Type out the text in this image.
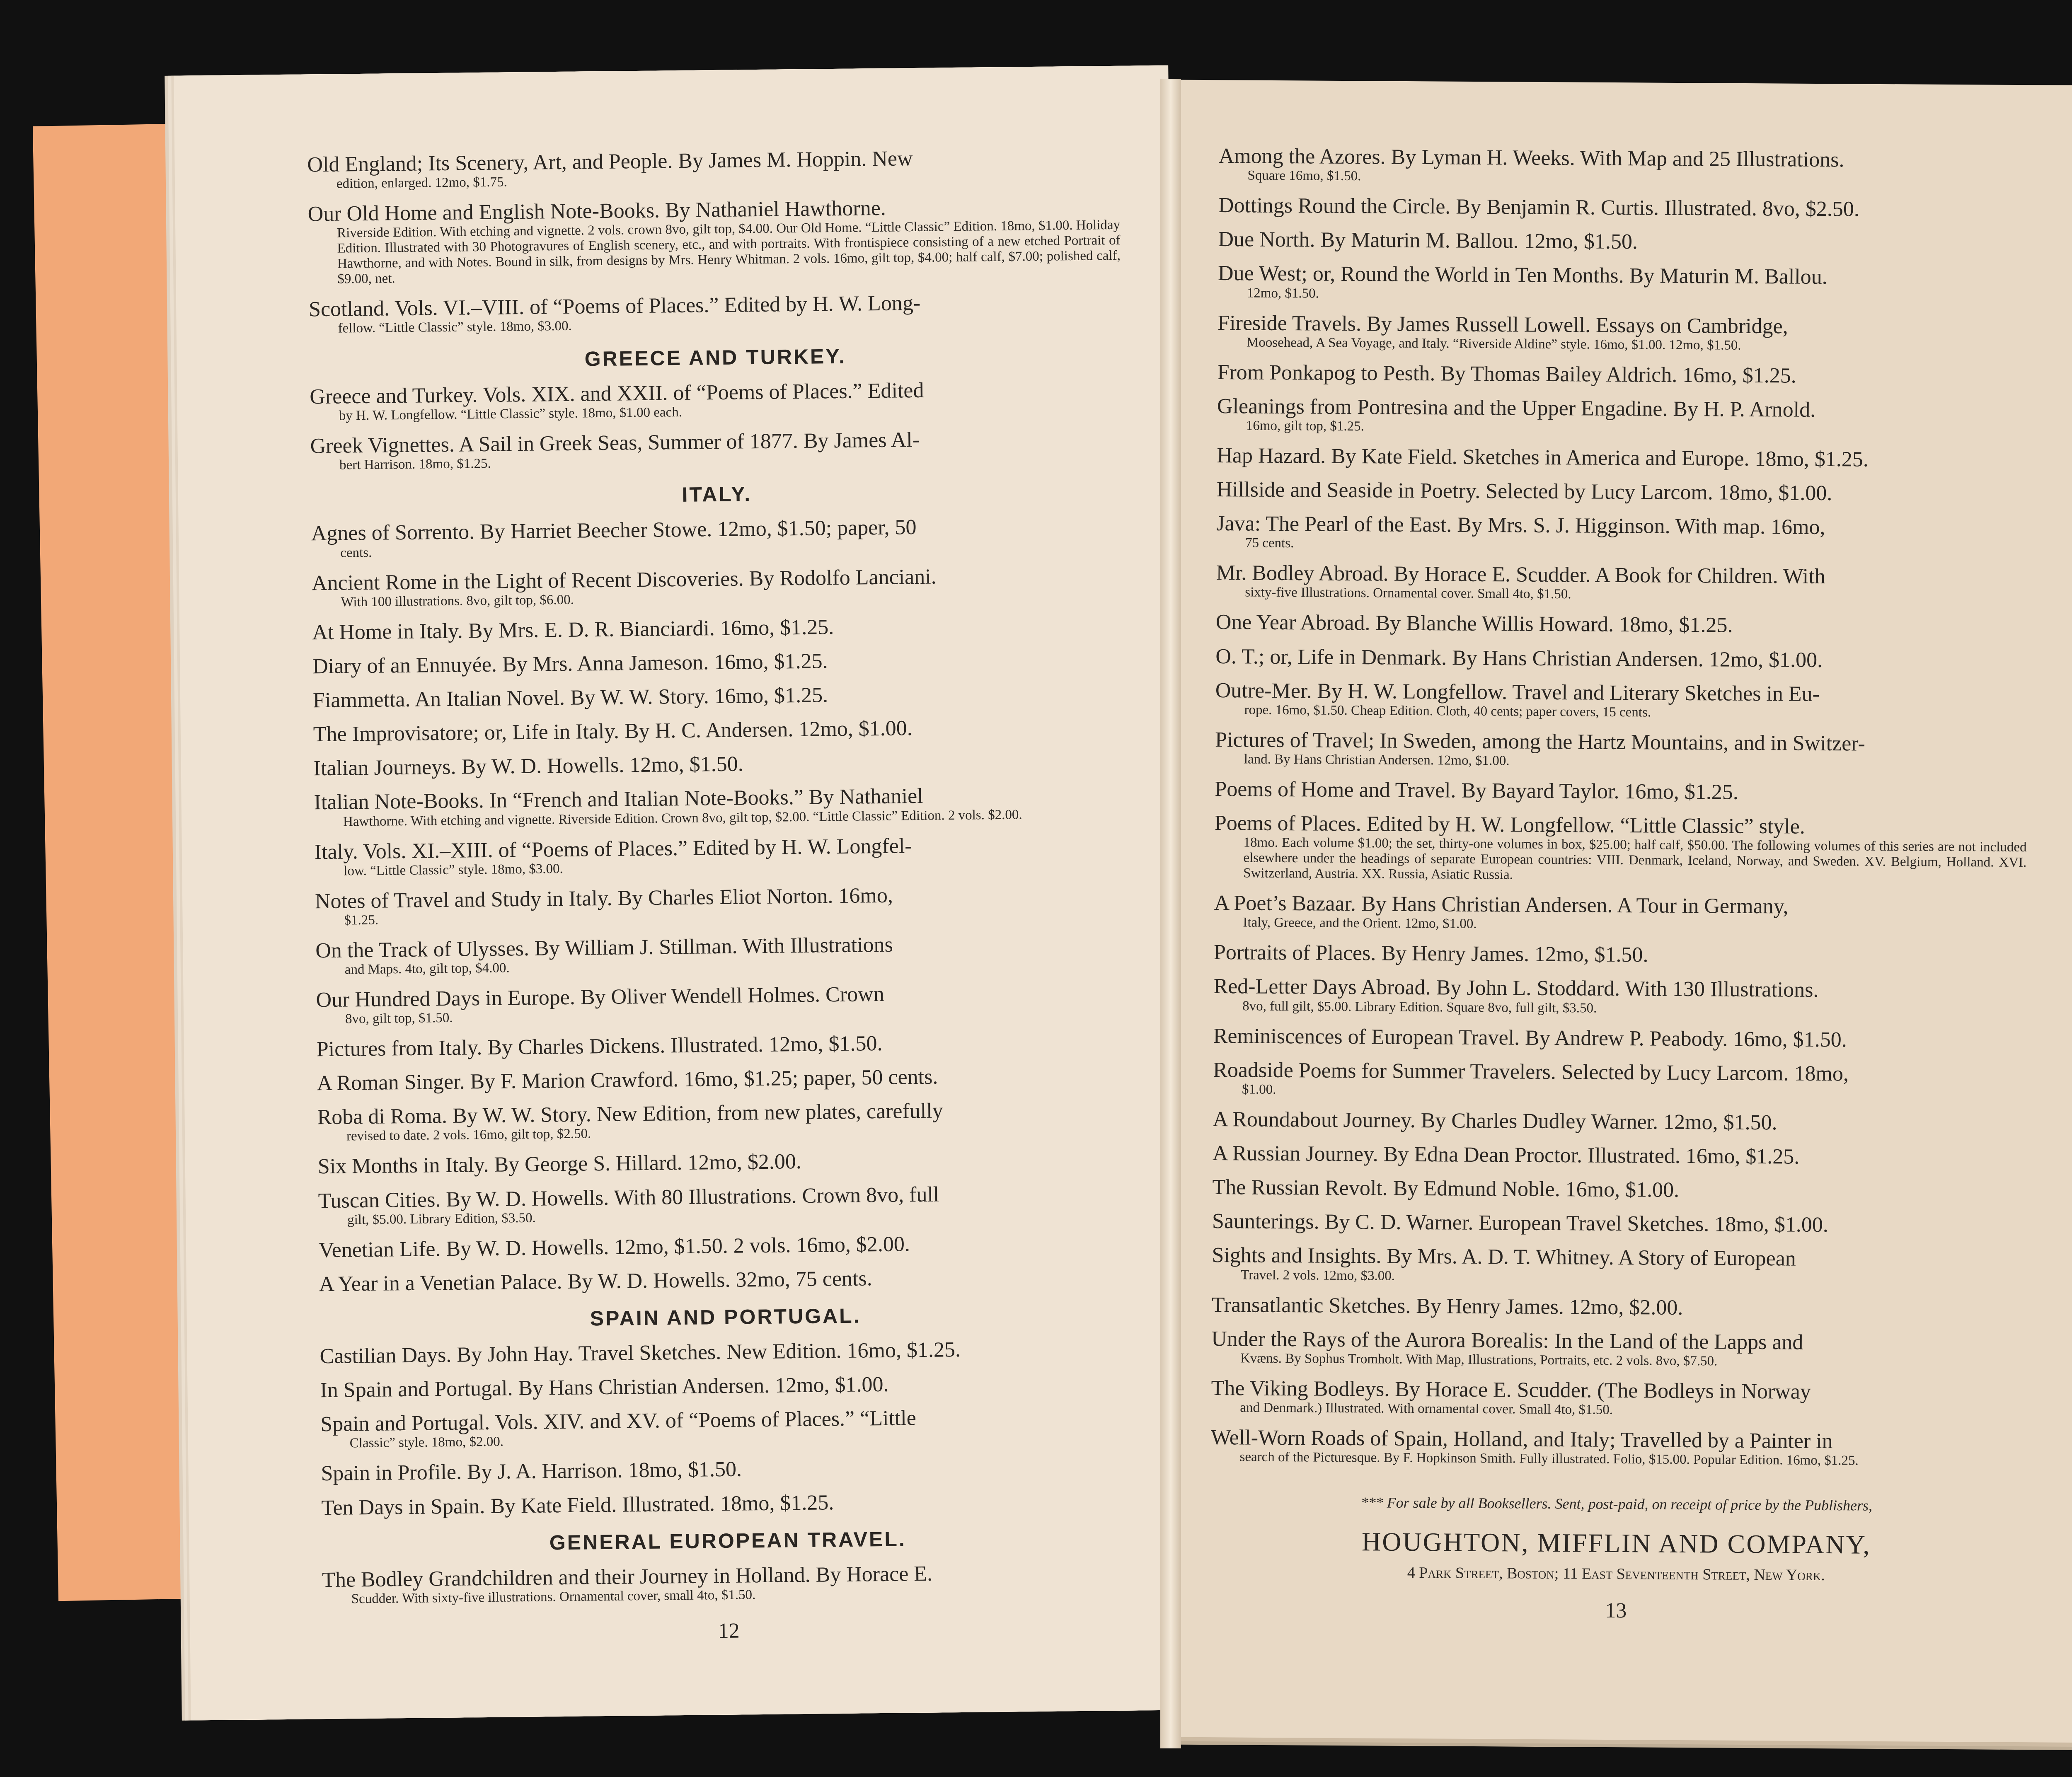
Old England; Its Scenery, Art, and People. By James M. Hoppin. New
edition, enlarged. 12mo, $1.75.
Our Old Home and English Note-Books. By Nathaniel Hawthorne.
Riverside Edition. With etching and vignette. 2 vols. crown 8vo, gilt top, $4.00. Our Old Home. “Little Classic” Edition. 18mo, $1.00. Holiday Edition. Illustrated with 30 Photogravures of English scenery, etc., and with portraits. With frontispiece consisting of a new etched Portrait of Hawthorne, and with Notes. Bound in silk, from designs by Mrs. Henry Whitman. 2 vols. 16mo, gilt top, $4.00; half calf, $7.00; polished calf, $9.00, net.
Scotland. Vols. VI.–VIII. of “Poems of Places.” Edited by H. W. Long-
fellow. “Little Classic” style. 18mo, $3.00.
GREECE AND TURKEY.
Greece and Turkey. Vols. XIX. and XXII. of “Poems of Places.” Edited
by H. W. Longfellow. “Little Classic” style. 18mo, $1.00 each.
Greek Vignettes. A Sail in Greek Seas, Summer of 1877. By James Al-
bert Harrison. 18mo, $1.25.
ITALY.
Agnes of Sorrento. By Harriet Beecher Stowe. 12mo, $1.50; paper, 50
cents.
Ancient Rome in the Light of Recent Discoveries. By Rodolfo Lanciani.
With 100 illustrations. 8vo, gilt top, $6.00.
At Home in Italy. By Mrs. E. D. R. Bianciardi. 16mo, $1.25.
Diary of an Ennuyée. By Mrs. Anna Jameson. 16mo, $1.25.
Fiammetta. An Italian Novel. By W. W. Story. 16mo, $1.25.
The Improvisatore; or, Life in Italy. By H. C. Andersen. 12mo, $1.00.
Italian Journeys. By W. D. Howells. 12mo, $1.50.
Italian Note-Books. In “French and Italian Note-Books.” By Nathaniel
Hawthorne. With etching and vignette. Riverside Edition. Crown 8vo, gilt top, $2.00. “Little Classic” Edition. 2 vols. $2.00.
Italy. Vols. XI.–XIII. of “Poems of Places.” Edited by H. W. Longfel-
low. “Little Classic” style. 18mo, $3.00.
Notes of Travel and Study in Italy. By Charles Eliot Norton. 16mo,
$1.25.
On the Track of Ulysses. By William J. Stillman. With Illustrations
and Maps. 4to, gilt top, $4.00.
Our Hundred Days in Europe. By Oliver Wendell Holmes. Crown
8vo, gilt top, $1.50.
Pictures from Italy. By Charles Dickens. Illustrated. 12mo, $1.50.
A Roman Singer. By F. Marion Crawford. 16mo, $1.25; paper, 50 cents.
Roba di Roma. By W. W. Story. New Edition, from new plates, carefully
revised to date. 2 vols. 16mo, gilt top, $2.50.
Six Months in Italy. By George S. Hillard. 12mo, $2.00.
Tuscan Cities. By W. D. Howells. With 80 Illustrations. Crown 8vo, full
gilt, $5.00. Library Edition, $3.50.
Venetian Life. By W. D. Howells. 12mo, $1.50. 2 vols. 16mo, $2.00.
A Year in a Venetian Palace. By W. D. Howells. 32mo, 75 cents.
SPAIN AND PORTUGAL.
Castilian Days. By John Hay. Travel Sketches. New Edition. 16mo, $1.25.
In Spain and Portugal. By Hans Christian Andersen. 12mo, $1.00.
Spain and Portugal. Vols. XIV. and XV. of “Poems of Places.” “Little
Classic” style. 18mo, $2.00.
Spain in Profile. By J. A. Harrison. 18mo, $1.50.
Ten Days in Spain. By Kate Field. Illustrated. 18mo, $1.25.
GENERAL EUROPEAN TRAVEL.
The Bodley Grandchildren and their Journey in Holland. By Horace E.
Scudder. With sixty-five illustrations. Ornamental cover, small 4to, $1.50.
12
Among the Azores. By Lyman H. Weeks. With Map and 25 Illustrations.
Square 16mo, $1.50.
Dottings Round the Circle. By Benjamin R. Curtis. Illustrated. 8vo, $2.50.
Due North. By Maturin M. Ballou. 12mo, $1.50.
Due West; or, Round the World in Ten Months. By Maturin M. Ballou.
12mo, $1.50.
Fireside Travels. By James Russell Lowell. Essays on Cambridge,
Moosehead, A Sea Voyage, and Italy. “Riverside Aldine” style. 16mo, $1.00. 12mo, $1.50.
From Ponkapog to Pesth. By Thomas Bailey Aldrich. 16mo, $1.25.
Gleanings from Pontresina and the Upper Engadine. By H. P. Arnold.
16mo, gilt top, $1.25.
Hap Hazard. By Kate Field. Sketches in America and Europe. 18mo, $1.25.
Hillside and Seaside in Poetry. Selected by Lucy Larcom. 18mo, $1.00.
Java: The Pearl of the East. By Mrs. S. J. Higginson. With map. 16mo,
75 cents.
Mr. Bodley Abroad. By Horace E. Scudder. A Book for Children. With
sixty-five Illustrations. Ornamental cover. Small 4to, $1.50.
One Year Abroad. By Blanche Willis Howard. 18mo, $1.25.
O. T.; or, Life in Denmark. By Hans Christian Andersen. 12mo, $1.00.
Outre-Mer. By H. W. Longfellow. Travel and Literary Sketches in Eu-
rope. 16mo, $1.50. Cheap Edition. Cloth, 40 cents; paper covers, 15 cents.
Pictures of Travel; In Sweden, among the Hartz Mountains, and in Switzer-
land. By Hans Christian Andersen. 12mo, $1.00.
Poems of Home and Travel. By Bayard Taylor. 16mo, $1.25.
Poems of Places. Edited by H. W. Longfellow. “Little Classic” style.
18mo. Each volume $1.00; the set, thirty-one volumes in box, $25.00; half calf, $50.00. The following volumes of this series are not included elsewhere under the headings of separate European countries: VIII. Denmark, Iceland, Norway, and Sweden. XV. Belgium, Holland. XVI. Switzerland, Austria. XX. Russia, Asiatic Russia.
A Poet’s Bazaar. By Hans Christian Andersen. A Tour in Germany,
Italy, Greece, and the Orient. 12mo, $1.00.
Portraits of Places. By Henry James. 12mo, $1.50.
Red-Letter Days Abroad. By John L. Stoddard. With 130 Illustrations.
8vo, full gilt, $5.00. Library Edition. Square 8vo, full gilt, $3.50.
Reminiscences of European Travel. By Andrew P. Peabody. 16mo, $1.50.
Roadside Poems for Summer Travelers. Selected by Lucy Larcom. 18mo,
$1.00.
A Roundabout Journey. By Charles Dudley Warner. 12mo, $1.50.
A Russian Journey. By Edna Dean Proctor. Illustrated. 16mo, $1.25.
The Russian Revolt. By Edmund Noble. 16mo, $1.00.
Saunterings. By C. D. Warner. European Travel Sketches. 18mo, $1.00.
Sights and Insights. By Mrs. A. D. T. Whitney. A Story of European
Travel. 2 vols. 12mo, $3.00.
Transatlantic Sketches. By Henry James. 12mo, $2.00.
Under the Rays of the Aurora Borealis: In the Land of the Lapps and
Kvæns. By Sophus Tromholt. With Map, Illustrations, Portraits, etc. 2 vols. 8vo, $7.50.
The Viking Bodleys. By Horace E. Scudder. (The Bodleys in Norway
and Denmark.) Illustrated. With ornamental cover. Small 4to, $1.50.
Well-Worn Roads of Spain, Holland, and Italy; Travelled by a Painter in
search of the Picturesque. By F. Hopkinson Smith. Fully illustrated. Folio, $15.00. Popular Edition. 16mo, $1.25.
*** For sale by all Booksellers. Sent, post-paid, on receipt of price by the Publishers,
HOUGHTON, MIFFLIN AND COMPANY,
4 Park Street, Boston; 11 East Seventeenth Street, New York.
13
